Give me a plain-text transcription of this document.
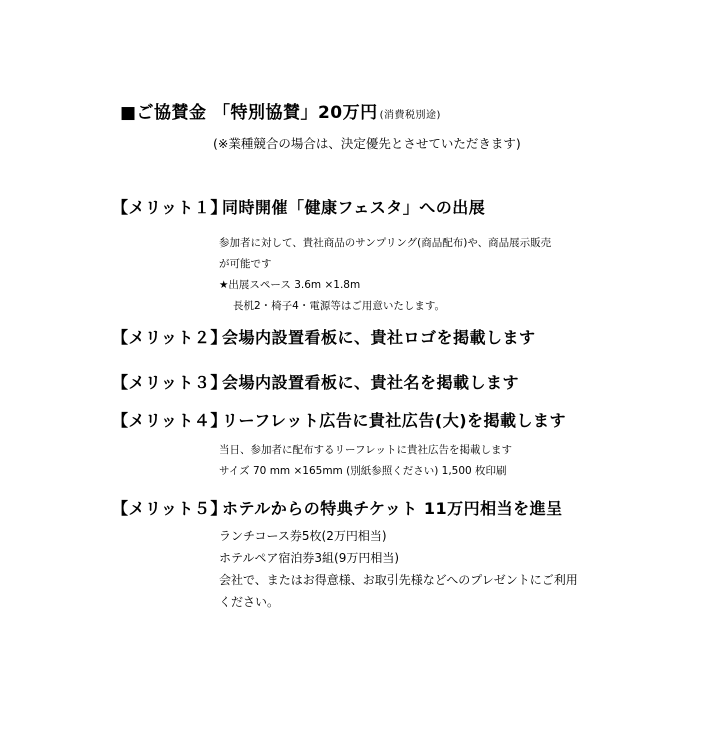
■ご協賛金 「特別協賛」20万円 (消費税別途)
(※業種競合の場合は、決定優先とさせていただきます)
【メリット１】同時開催「健康フェスタ」への出展
参加者に対して、貴社商品のサンプリング(商品配布)や、商品展示販売
が可能です
★出展スペース 3.6m ×1.8m
長机2・椅子4・電源等はご用意いたします。
【メリット２】会場内設置看板に、貴社ロゴを掲載します
【メリット３】会場内設置看板に、貴社名を掲載します
【メリット４】リーフレット広告に貴社広告(大)を掲載します
当日、参加者に配布するリーフレットに貴社広告を掲載します
サイズ 70 mm ×165mm (別紙参照ください) 1,500 枚印刷
【メリット５】ホテルからの特典チケット 11万円相当を進呈
ランチコース券5枚(2万円相当)
ホテルペア宿泊券3組(9万円相当)
会社で、またはお得意様、お取引先様などへのプレゼントにご利用
ください。
